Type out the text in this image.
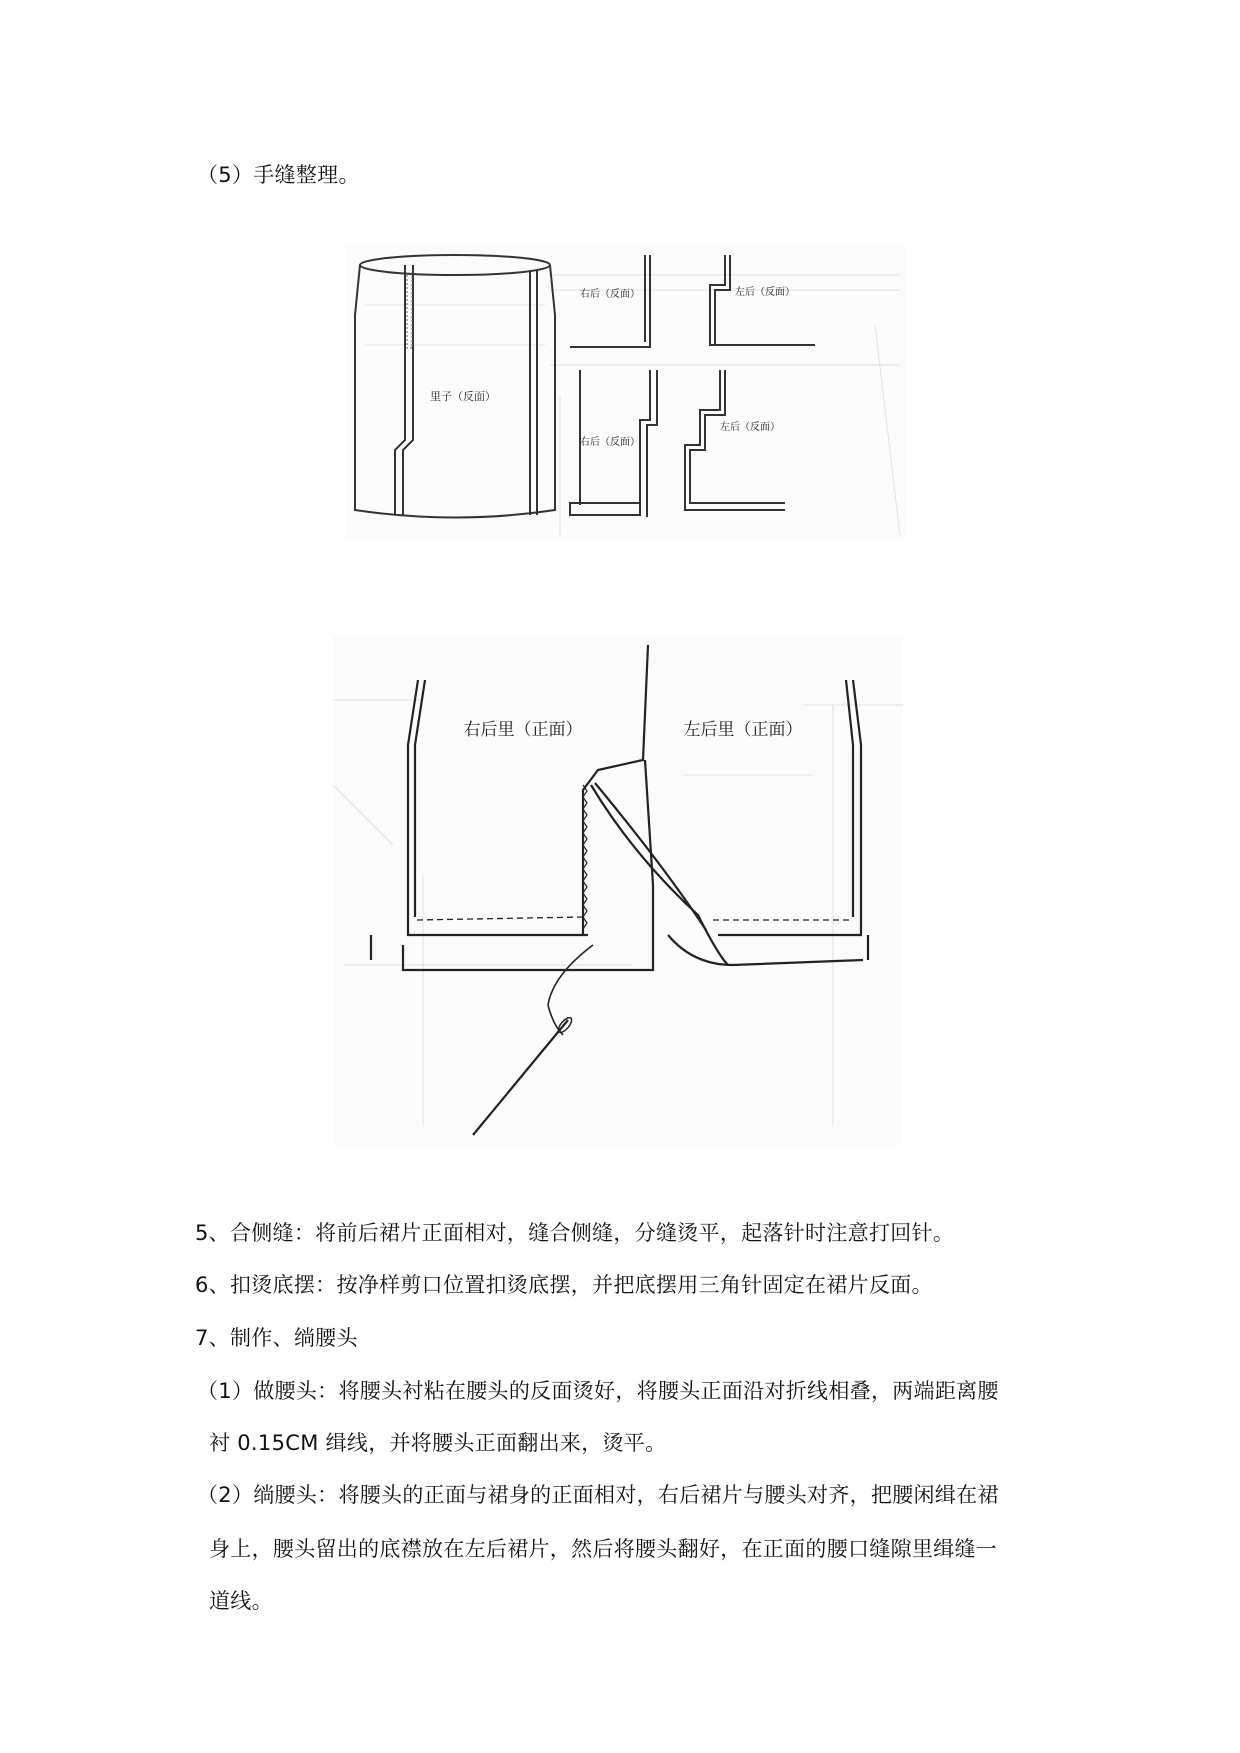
（5）手缝整理。
里子（反面）
右后（反面）	左后（反面）
右后（反面）
左后（反面）
右后里（正面）	左后里（正面）
5、合侧缝：将前后裙片正面相对，缝合侧缝，分缝烫平，起落针时注意打回针。
6、扣烫底摆：按净样剪口位置扣烫底摆，并把底摆用三角针固定在裙片反面。
7、制作、绱腰头
（1）做腰头：将腰头衬粘在腰头的反面烫好，将腰头正面沿对折线相叠，两端距离腰
衬 0.15CM 缉线，并将腰头正面翻出来，烫平。
（2）绱腰头：将腰头的正面与裙身的正面相对，右后裙片与腰头对齐，把腰闲缉在裙
身上，腰头留出的底襟放在左后裙片，然后将腰头翻好，在正面的腰口缝隙里缉缝一
道线。
